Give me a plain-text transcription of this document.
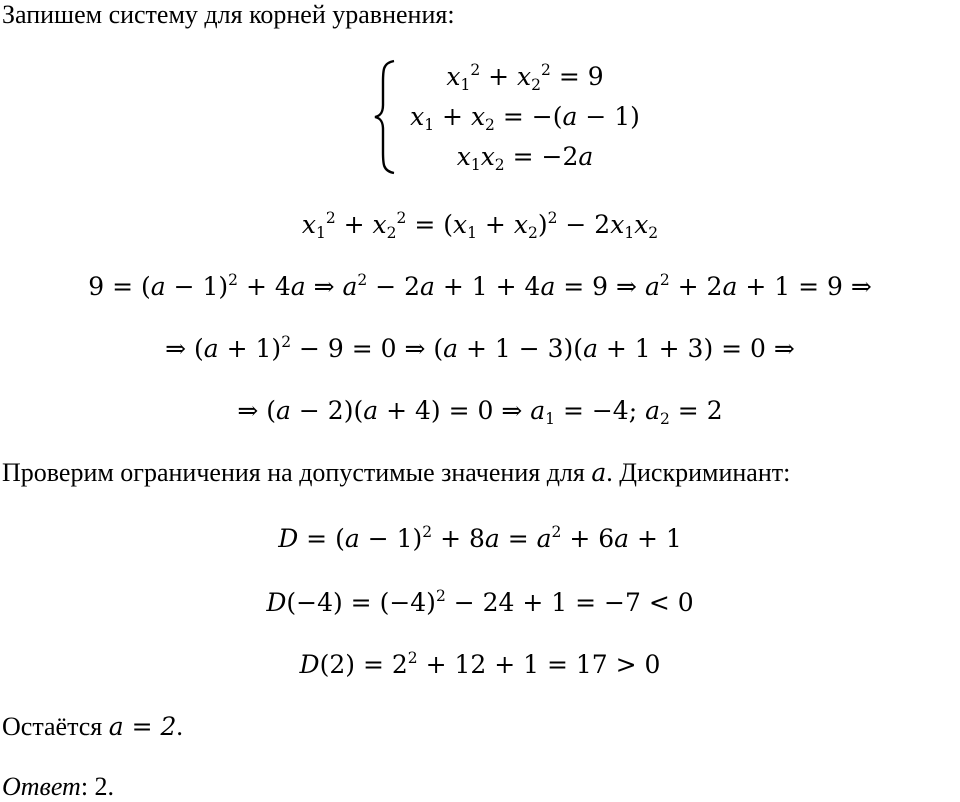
Запишем систему для корней уравнения:
$x_1^2 + x_2^2 = 9$
$x_1 + x_2 = -(a - 1)$
$x_1x_2 = -2a$
$x_1^2 + x_2^2 = (x_1 + x_2)^2 - 2x_1x_2$
$9 = (a - 1)^2 + 4a$ ⇒ $a^2 - 2a + 1 + 4a = 9$ ⇒ $a^2 + 2a + 1 = 9$ ⇒
⇒ $(a + 1)^2 - 9 = 0$ ⇒ (a + 1 − 3)(a + 1 + 3) = 0 ⇒
⇒ (a − 2)(a + 4) = 0 ⇒ $a_1 = -4$; $a_2 = 2$
Проверим ограничения на допустимые значения для a. Дискриминант:
$D = (a - 1)^2 + 8a = a^2 + 6a + 1$
$D(-4) = (-4)^2 - 24 + 1 = -7 < 0$
$D(2) = 2^2 + 12 + 1 = 17 > 0$
Остаётся a = 2.
Ответ: 2.
